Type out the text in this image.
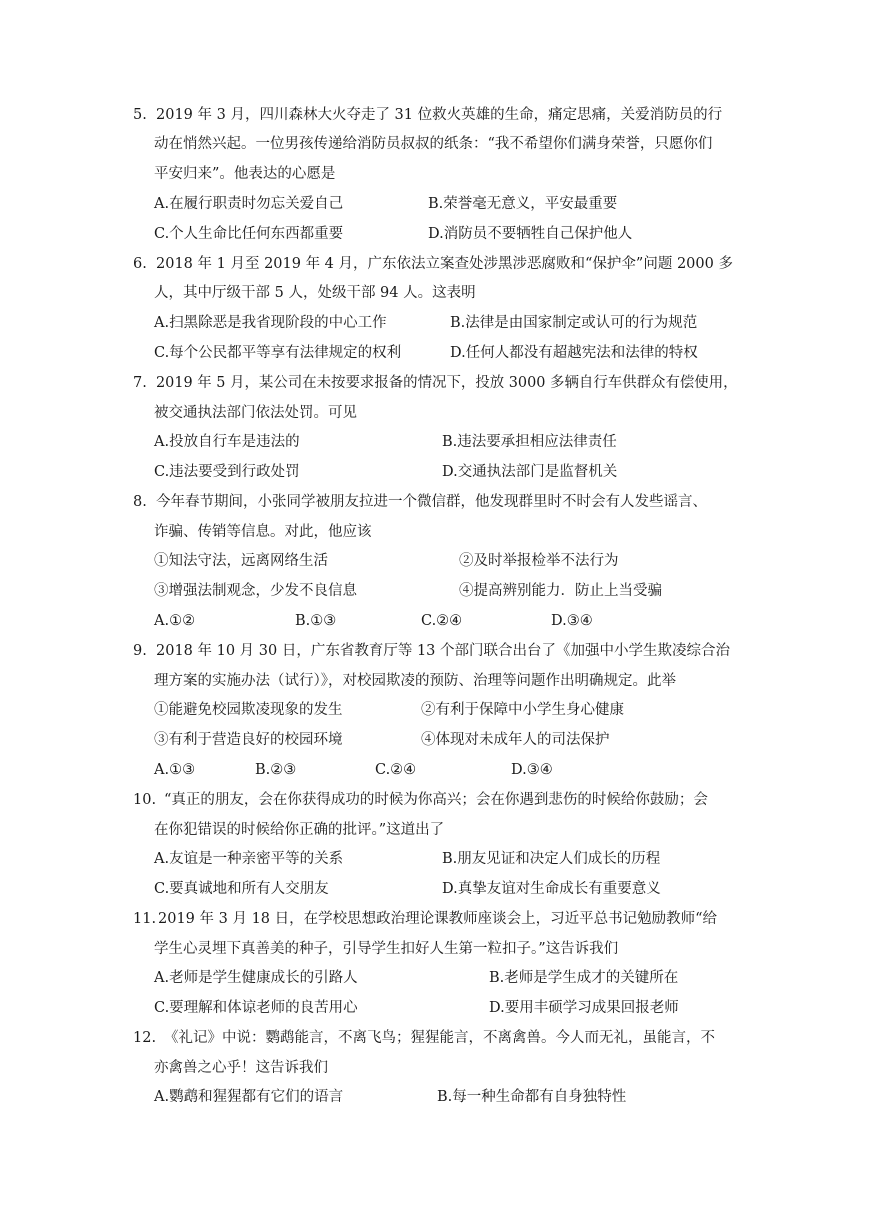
5. 2019 年 3 月，四川森林大火夺走了 31 位救火英雄的生命，痛定思痛，关爱消防员的行
动在悄然兴起。一位男孩传递给消防员叔叔的纸条：“我不希望你们满身荣誉，只愿你们
平安归来”。他表达的心愿是
A.在履行职责时勿忘关爱自己	B.荣誉毫无意义，平安最重要
C.个人生命比任何东西都重要	D.消防员不要牺牲自己保护他人
6. 2018 年 1 月至 2019 年 4 月，广东依法立案查处涉黑涉恶腐败和“保护伞”问题 2000 多
人，其中厅级干部 5 人，处级干部 94 人。这表明
A.扫黑除恶是我省现阶段的中心工作	B.法律是由国家制定或认可的行为规范
C.每个公民都平等享有法律规定的权利	D.任何人都没有超越宪法和法律的特权
7. 2019 年 5 月，某公司在未按要求报备的情况下，投放 3000 多辆自行车供群众有偿使用，
被交通执法部门依法处罚。可见
A.投放自行车是违法的	B.违法要承担相应法律责任
C.违法要受到行政处罚	D.交通执法部门是监督机关
8. 今年春节期间，小张同学被朋友拉进一个微信群，他发现群里时不时会有人发些谣言、
诈骗、传销等信息。对此，他应该
①知法守法，远离网络生活	②及时举报检举不法行为
③增强法制观念，少发不良信息	④提高辨别能力．防止上当受骗
A.①②	B.①③	C.②④	D.③④
9. 2018 年 10 月 30 日，广东省教育厅等 13 个部门联合出台了《加强中小学生欺凌综合治
理方案的实施办法（试行）》，对校园欺凌的预防、治理等问题作出明确规定。此举
①能避免校园欺凌现象的发生	②有利于保障中小学生身心健康
③有利于营造良好的校园环境	④体现对未成年人的司法保护
A.①③	B.②③	C.②④	D.③④
10. “真正的朋友，会在你获得成功的时候为你高兴；会在你遇到悲伤的时候给你鼓励；会
在你犯错误的时候给你正确的批评。”这道出了
A.友谊是一种亲密平等的关系	B.朋友见证和决定人们成长的历程
C.要真诚地和所有人交朋友	D.真挚友谊对生命成长有重要意义
11. 2019 年 3 月 18 日，在学校思想政治理论课教师座谈会上，习近平总书记勉励教师“给
学生心灵埋下真善美的种子，引导学生扣好人生第一粒扣子。”这告诉我们
A.老师是学生健康成长的引路人	B.老师是学生成才的关键所在
C.要理解和体谅老师的良苦用心	D.要用丰硕学习成果回报老师
12. 《礼记》中说：鹦鹉能言，不离飞鸟；猩猩能言，不离禽兽。今人而无礼，虽能言，不
亦禽兽之心乎！这告诉我们
A.鹦鹉和猩猩都有它们的语言	B.每一种生命都有自身独特性
